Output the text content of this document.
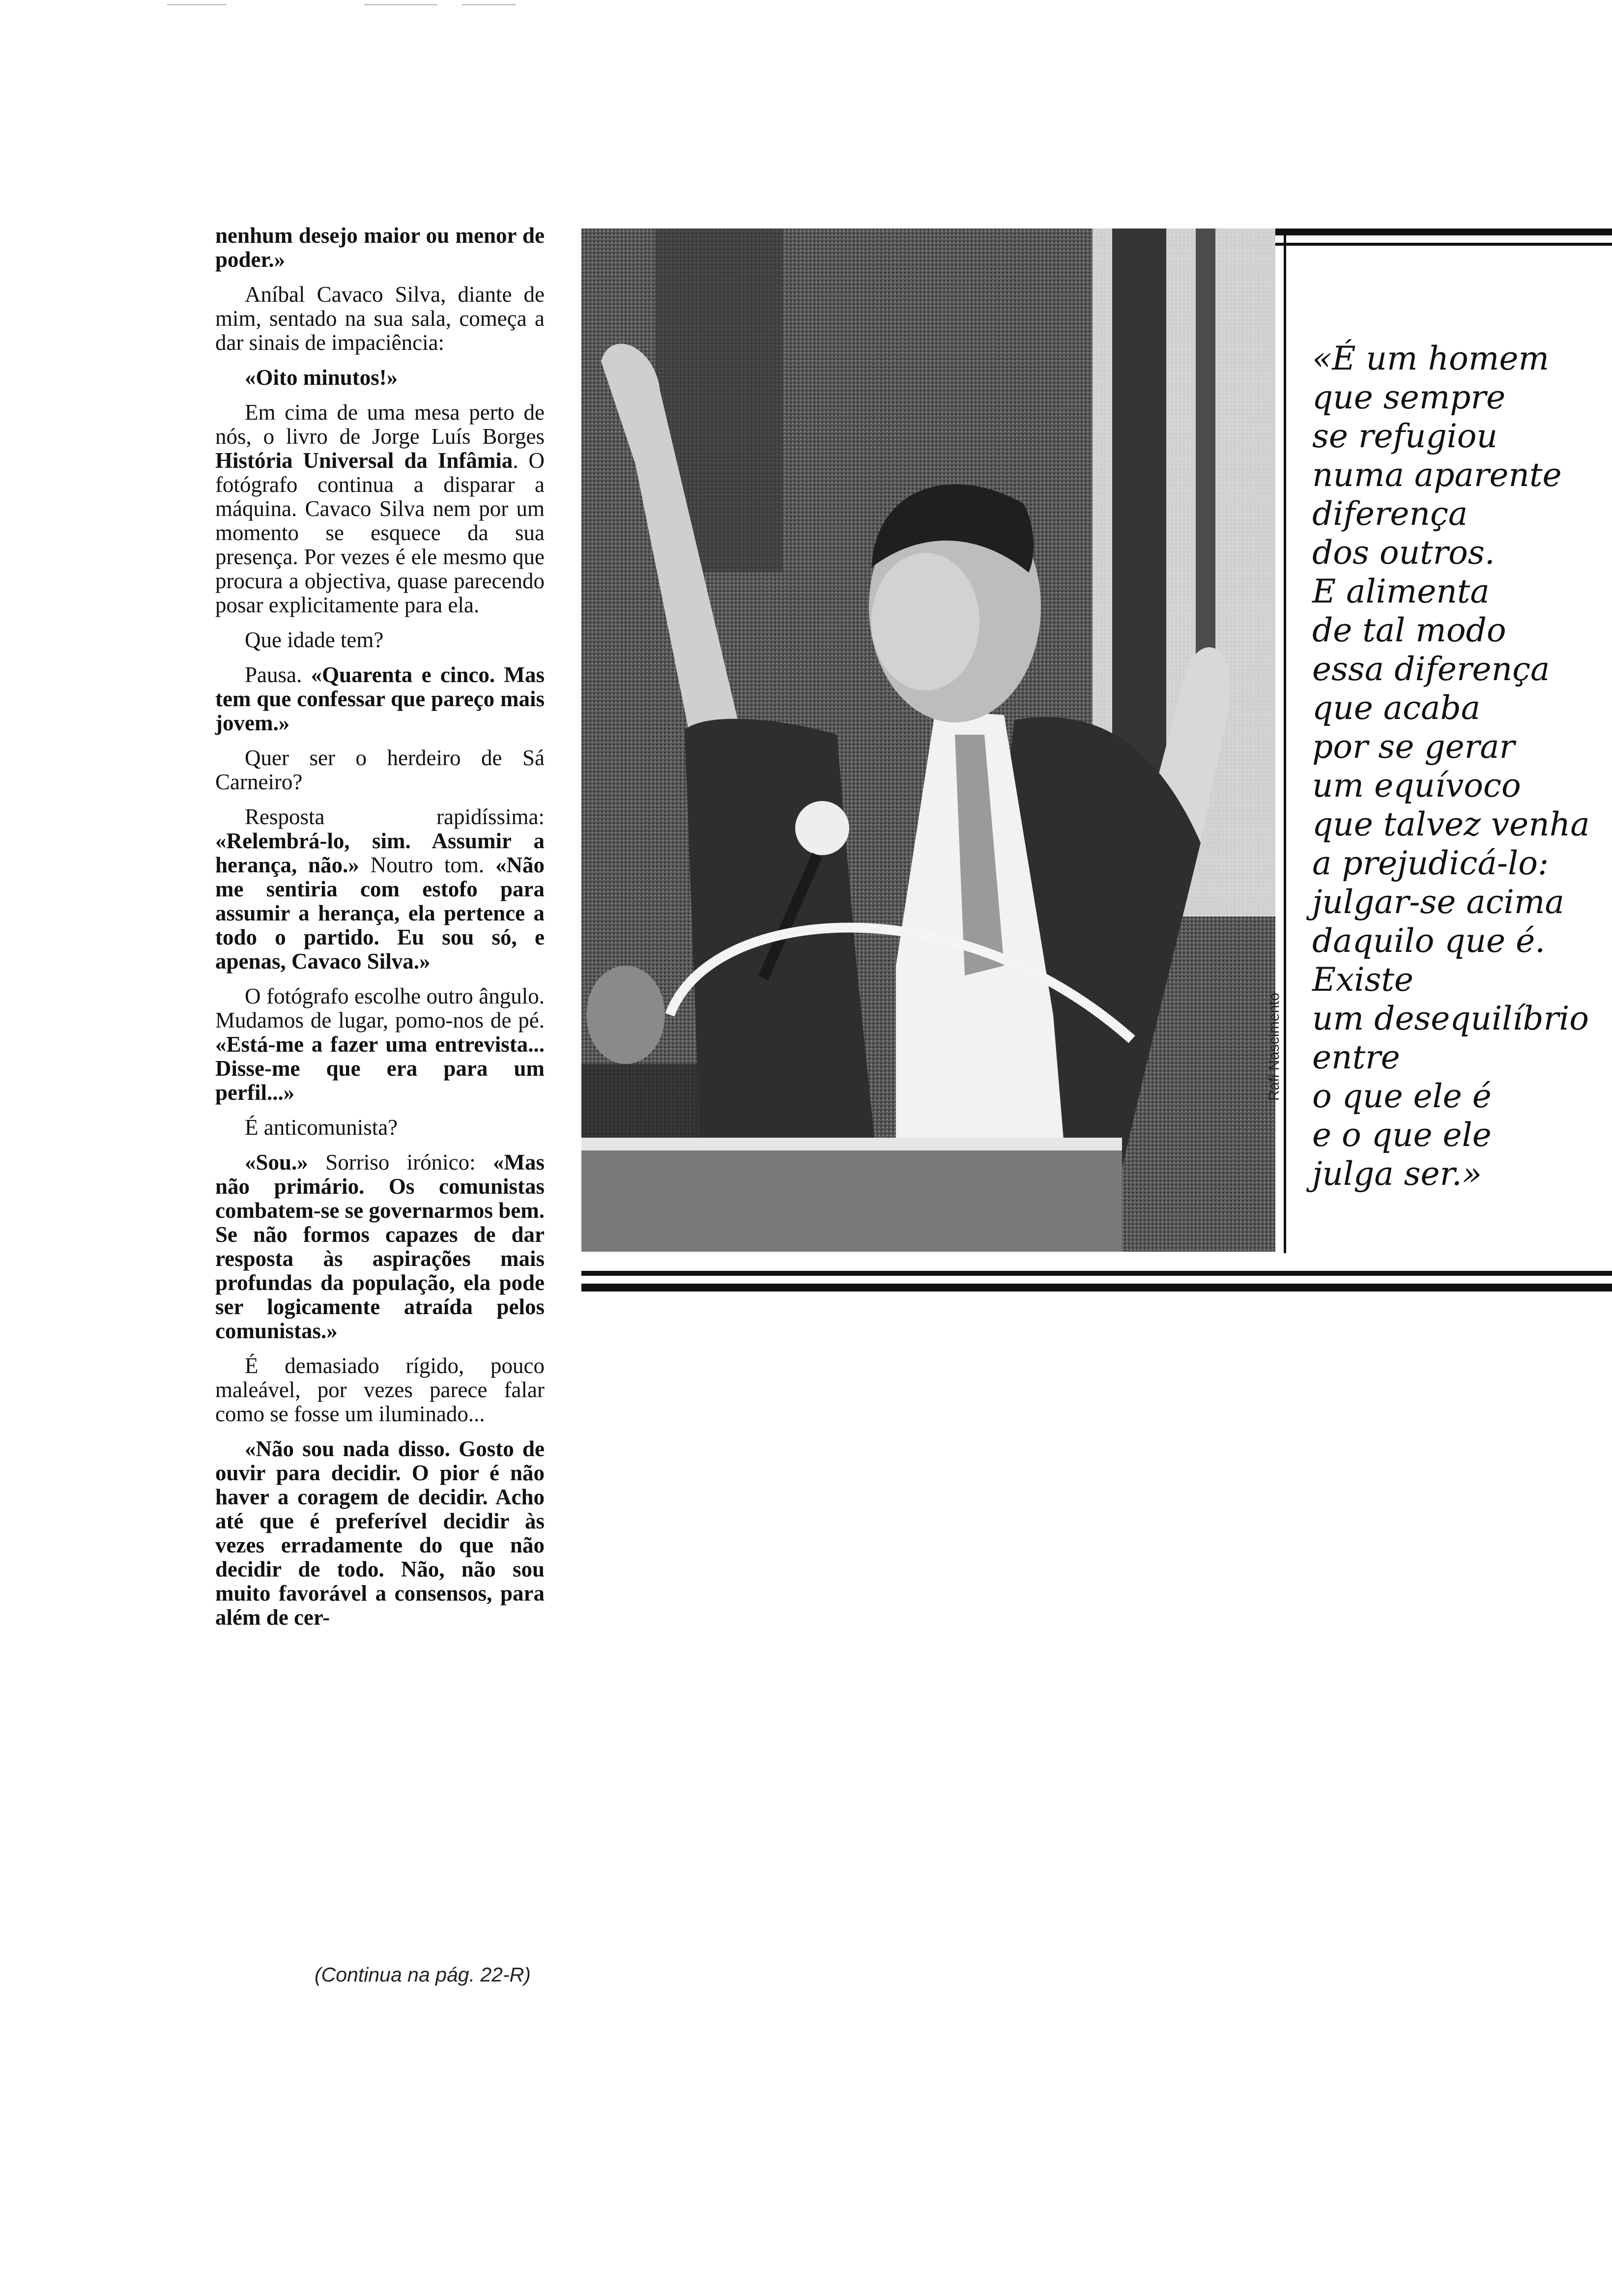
nenhum desejo maior ou menor de poder.»

Aníbal Cavaco Silva, diante de mim, sentado na sua sala, começa a dar sinais de impaciência:

«Oito minutos!»

Em cima de uma mesa perto de nós, o livro de Jorge Luís Borges História Universal da Infâmia. O fotógrafo continua a disparar a máquina. Cavaco Silva nem por um momento se esquece da sua presença. Por vezes é ele mesmo que procura a objectiva, quase parecendo posar explicitamente para ela.

Que idade tem?

Pausa. «Quarenta e cinco. Mas tem que confessar que pareço mais jovem.»

Quer ser o herdeiro de Sá Carneiro?

Resposta rapidíssima: «Relembrá-lo, sim. Assumir a herança, não.» Noutro tom. «Não me sentiria com estofo para assumir a herança, ela pertence a todo o partido. Eu sou só, e apenas, Cavaco Silva.»

O fotógrafo escolhe outro ângulo. Mudamos de lugar, pomo-nos de pé. «Está-me a fazer uma entrevista... Disse-me que era para um perfil...»

É anticomunista?

«Sou.» Sorriso irónico: «Mas não primário. Os comunistas combatem-se se governarmos bem. Se não formos capazes de dar resposta às aspirações mais profundas da população, ela pode ser logicamente atraída pelos comunistas.»

É demasiado rígido, pouco maleável, por vezes parece falar como se fosse um iluminado...

«Não sou nada disso. Gosto de ouvir para decidir. O pior é não haver a coragem de decidir. Acho até que é preferível decidir às vezes erradamente do que não decidir de todo. Não, não sou muito favorável a consensos, para além de cer-

(Continua na pág. 22-R)
Rafi Nascimento
«É um homem
que sempre
se refugiou
numa aparente
diferença
dos outros.
E alimenta
de tal modo
essa diferença
que acaba
por se gerar
um equívoco
que talvez venha
a prejudicá-lo:
julgar-se acima
daquilo que é.
Existe
um desequilíbrio
entre
o que ele é
e o que ele
julga ser.»
